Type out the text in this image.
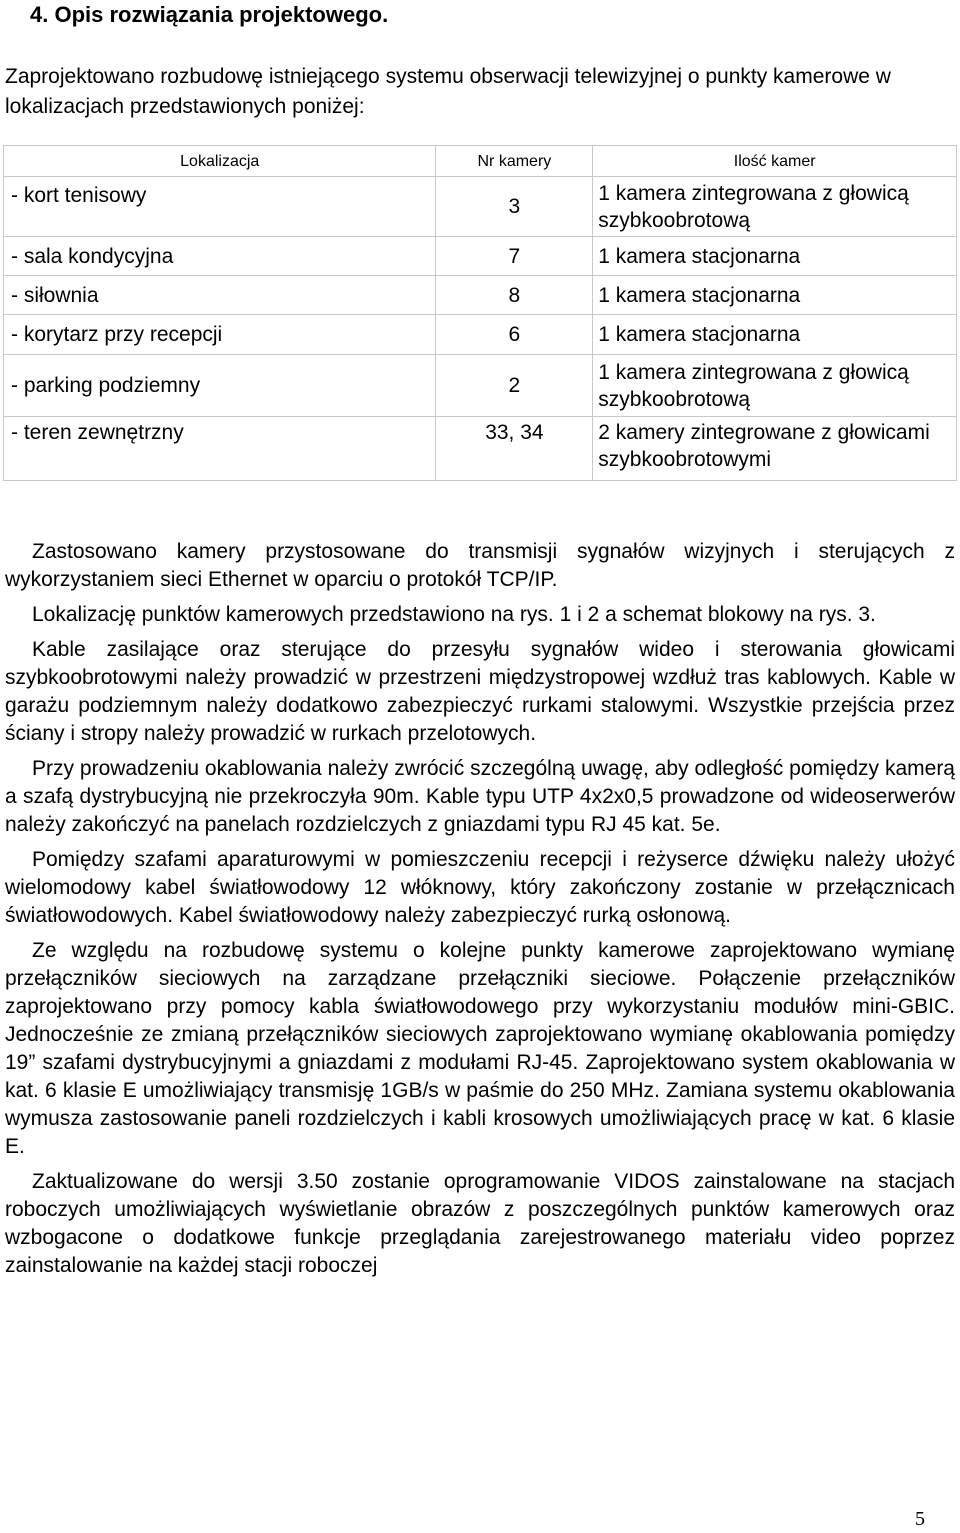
4. Opis rozwiązania projektowego.

Zaprojektowano rozbudowę istniejącego systemu obserwacji telewizyjnej o punkty kamerowe w lokalizacjach przedstawionych poniżej:

Lokalizacja	Nr kamery	Ilość kamer
- kort tenisowy	3	1 kamera zintegrowana z głowicą szybkoobrotową
- sala kondycyjna	7	1 kamera stacjonarna
- siłownia	8	1 kamera stacjonarna
- korytarz przy recepcji	6	1 kamera stacjonarna
- parking podziemny	2	1 kamera zintegrowana z głowicą szybkoobrotową
- teren zewnętrzny	33, 34	2 kamery zintegrowane z głowicami szybkoobrotowymi

Zastosowano kamery przystosowane do transmisji sygnałów wizyjnych i sterujących z wykorzystaniem sieci Ethernet w oparciu o protokół TCP/IP.

Lokalizację punktów kamerowych przedstawiono na rys. 1 i 2 a schemat blokowy na rys. 3.

Kable zasilające oraz sterujące do przesyłu sygnałów wideo i sterowania głowicami szybkoobrotowymi należy prowadzić w przestrzeni międzystropowej wzdłuż tras kablowych. Kable w garażu podziemnym należy dodatkowo zabezpieczyć rurkami stalowymi. Wszystkie przejścia przez ściany i stropy należy prowadzić w rurkach przelotowych.

Przy prowadzeniu okablowania należy zwrócić szczególną uwagę, aby odległość pomiędzy kamerą a szafą dystrybucyjną nie przekroczyła 90m. Kable typu UTP 4x2x0,5 prowadzone od wideoserwerów należy zakończyć na panelach rozdzielczych z gniazdami typu RJ 45 kat. 5e.

Pomiędzy szafami aparaturowymi w pomieszczeniu recepcji i reżyserce dźwięku należy ułożyć wielomodowy kabel światłowodowy 12 włóknowy, który zakończony zostanie w przełącznicach światłowodowych. Kabel światłowodowy należy zabezpieczyć rurką osłonową.

Ze względu na rozbudowę systemu o kolejne punkty kamerowe zaprojektowano wymianę przełączników sieciowych na zarządzane przełączniki sieciowe. Połączenie przełączników zaprojektowano przy pomocy kabla światłowodowego przy wykorzystaniu modułów mini-GBIC. Jednocześnie ze zmianą przełączników sieciowych zaprojektowano wymianę okablowania pomiędzy 19” szafami dystrybucyjnymi a gniazdami z modułami RJ-45. Zaprojektowano system okablowania w kat. 6 klasie E umożliwiający transmisję 1GB/s w paśmie do 250 MHz. Zamiana systemu okablowania wymusza zastosowanie paneli rozdzielczych i kabli krosowych umożliwiających pracę w kat. 6 klasie E.

Zaktualizowane do wersji 3.50 zostanie oprogramowanie VIDOS zainstalowane na stacjach roboczych umożliwiających wyświetlanie obrazów z poszczególnych punktów kamerowych oraz wzbogacone o dodatkowe funkcje przeglądania zarejestrowanego materiału video poprzez zainstalowanie na każdej stacji roboczej

5
